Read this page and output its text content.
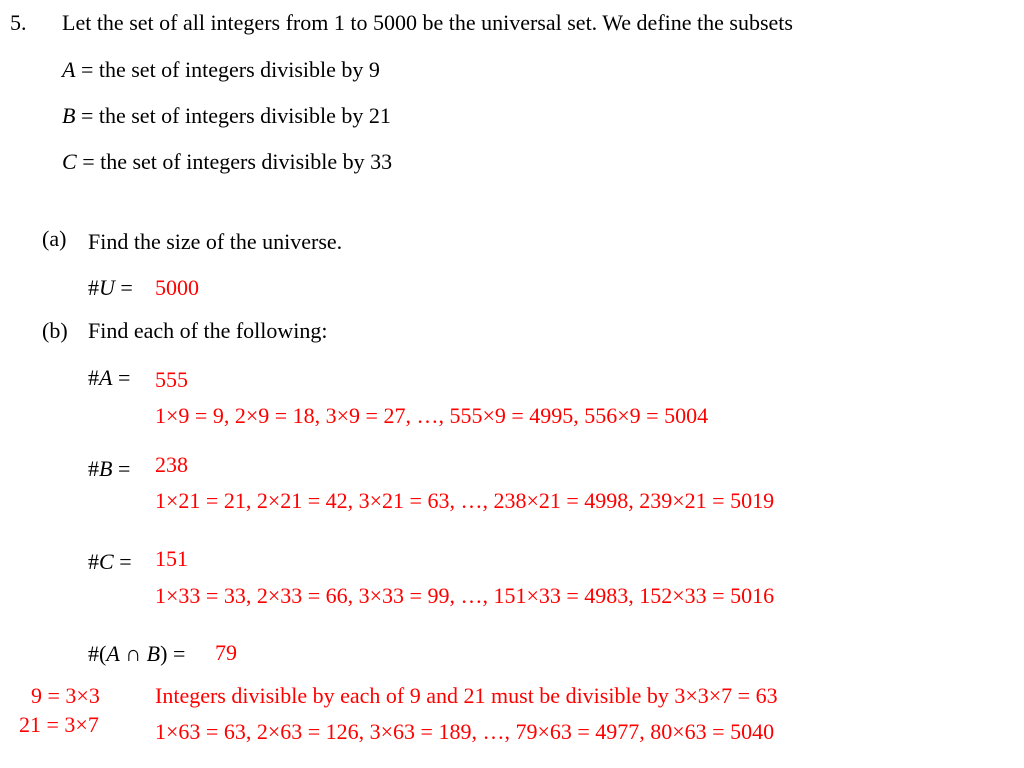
5. Let the set of all integers from 1 to 5000 be the universal set. We define the subsets
A = the set of integers divisible by 9
B = the set of integers divisible by 21
C = the set of integers divisible by 33
(a) Find the size of the universe.
#U = 5000
(b) Find each of the following:
#A = 555
1×9 = 9, 2×9 = 18, 3×9 = 27, …, 555×9 = 4995, 556×9 = 5004
#B = 238
1×21 = 21, 2×21 = 42, 3×21 = 63, …, 238×21 = 4998, 239×21 = 5019
#C = 151
1×33 = 33, 2×33 = 66, 3×33 = 99, …, 151×33 = 4983, 152×33 = 5016
#(A ∩ B) = 79
9 = 3×3
21 = 3×7
Integers divisible by each of 9 and 21 must be divisible by 3×3×7 = 63
1×63 = 63, 2×63 = 126, 3×63 = 189, …, 79×63 = 4977, 80×63 = 5040
